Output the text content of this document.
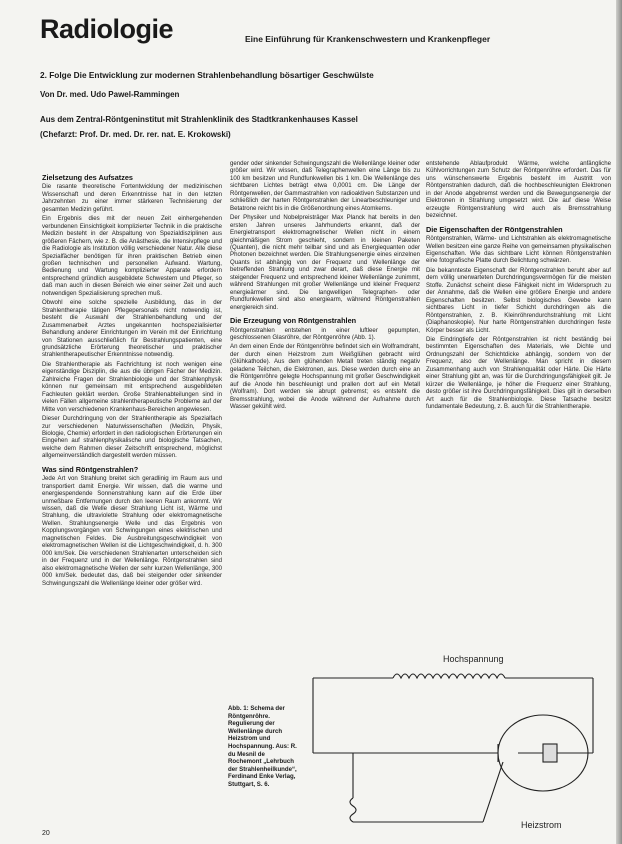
Radiologie	Eine Einführung für Krankenschwestern und Krankenpfleger
2. Folge Die Entwicklung zur modernen Strahlenbehandlung bösartiger Geschwülste
Von Dr. med. Udo Pawel-Rammingen
Aus dem Zentral-Röntgeninstitut mit Strahlenklinik des Stadtkrankenhauses Kassel
(Chefarzt: Prof. Dr. med. Dr. rer. nat. E. Krokowski)
Zielsetzung des Aufsatzes

Die rasante theoretische Fortentwicklung der medizinischen Wissenschaft und deren Erkenntnisse hat in den letzten Jahrzehnten zu einer immer stärkeren Technisierung der gesamten Medizin geführt.

Ein Ergebnis dies mit der neuen Zeit einhergehenden verbundenen Einsichtigkeit komplizierter Technik in die praktische Medizin besteht in der Abspaltung von Spezialdisziplinen aus größeren Fächern, wie z. B. die Anästhesie, die Intensivpflege und die Radiologie als Institution völlig verschiedener Natur. Alle diese Spezialfächer benötigen für ihren praktischen Betrieb einen großen technischen und personellen Aufwand. Wartung, Bedienung und Wartung komplizierter Apparate erfordern entsprechend gründlich ausgebildete Schwestern und Pfleger, so daß man auch in diesen Bereich wie einer seiner Zeit und auch notwendigen Spezialisierung sprechen muß.

Obwohl eine solche spezielle Ausbildung, das in der Strahlentherapie tätigen Pflegepersonals nicht notwendig ist, besteht die Auswahl der Strahlenbehandlung und der Zusammenarbeit Arztes ungekannten hochspezialisierter Behandlung anderer Einrichtungen im Verein mit der Einrichtung von Stationen ausschließlich für Bestrahlungspatienten, eine grundsätzliche Erörterung theoretischer und praktischer strahlentherapeutischer Erkenntnisse notwendig.

Die Strahlentherapie als Fachrichtung ist noch wenigen eine eigenständige Disziplin, die aus die übrigen Fächer der Medizin. Zahlreiche Fragen der Strahlenbiologie und der Strahlenphysik können nur gemeinsam mit entsprechend ausgebildeten Fachleuten geklärt werden. Große Strahlenabteilungen sind in vielen Fällen allgemeine strahlentherapeutische Probleme auf der Mitte von verschiedenen Krankenhaus-Bereichen angewiesen.

Dieser Durchdringung von der Strahlentherapie als Spezialfach zur verschiedenen Naturwissenschaften (Medizin, Physik, Biologie, Chemie) erfordert in den radiologischen Erörterungen ein Eingehen auf strahlenphysikalische und biologische Tatsachen, welche dem Rahmen dieser Zeitschrift entsprechend, möglichst allgemeinverständlich dargestellt werden müssen.

Was sind Röntgenstrahlen?

Jede Art von Strahlung breitet sich geradlinig im Raum aus und transportiert damit Energie. Wir wissen, daß die warme und energiespendende Sonnenstrahlung kann auf die Erde über unmeßbare Entfernungen durch den leeren Raum ankommt. Wir wissen, daß die Welle dieser Strahlung Licht ist, Wärme und Strahlung, die ultraviolette Strahlung oder elektromagnetische Wellen. Strahlungsenergie Welle und das Ergebnis von Kopplungsvorgängen von Schwingungen eines elektrischen und magnetischen Feldes. Die Ausbreitungsgeschwindigkeit von elektromagnetischen Wellen ist die Lichtgeschwindigkeit, d. h. 300 000 km/Sek. Die verschiedenen Strahlenarten unterscheiden sich in der Frequenz und in der Wellenlänge. Röntgenstrahlen sind also elektromagnetische Wellen der sehr kurzen Wellenlänge, 300 000 km/Sek. bedeutet das, daß bei steigender oder sinkender Schwingungszahl die Wellenlänge kleiner oder größer wird.

gender oder sinkender Schwingungszahl die Wellenlänge kleiner oder größer wird. Wir wissen, daß Telegraphenwellen eine Länge bis zu 100 km besitzen und Rundfunkwellen bis 1 km. Die Wellenlänge des sichtbaren Lichtes beträgt etwa 0,0001 cm. Die Länge der Röntgenwellen, der Gammastrahlen von radioaktiven Substanzen und schließlich der harten Röntgenstrahlen der Linearbeschleuniger und Betatrone reicht bis in die Größenordnung eines Atomkerns.

Der Physiker und Nobelpreisträger Max Planck hat bereits in den ersten Jahren unseres Jahrhunderts erkannt, daß der Energietransport elektromagnetischer Wellen nicht in einem gleichmäßigen Strom geschieht, sondern in kleinen Paketen (Quanten), die nicht mehr teilbar sind und als Energiequanten oder Photonen bezeichnet werden. Die Strahlungsenergie eines einzelnen Quants ist abhängig von der Frequenz und Wellenlänge der betreffenden Strahlung und zwar derart, daß diese Energie mit steigender Frequenz und entsprechend kleiner Wellenlänge zunimmt, während Strahlungen mit großer Wellenlänge und kleiner Frequenz energieärmer sind. Die langwelligen Telegraphen- oder Rundfunkwellen sind also energiearm, während Röntgenstrahlen energiereich sind.

Die Erzeugung von Röntgenstrahlen

Röntgenstrahlen entstehen in einer luftleer gepumpten, geschlossenen Glasröhre, der Röntgenröhre (Abb. 1).

An dem einen Ende der Röntgenröhre befindet sich ein Wolframdraht, der durch einen Heizstrom zum Weißglühen gebracht wird (Glühkathode). Aus dem glühenden Metall treten ständig negativ geladene Teilchen, die Elektronen, aus. Diese werden durch eine an die Röntgenröhre gelegte Hochspannung mit großer Geschwindigkeit auf die Anode hin beschleunigt und prallen dort auf ein Metall (Wolfram). Dort werden sie abrupt gebremst; es entsteht die Bremsstrahlung, wobei die Anode während der Aufnahme durch Wasser gekühlt wird.

entstehende Ablaufprodukt Wärme, welche anfängliche Kühlvorrichtungen zum Schutz der Röntgenröhre erfordert. Das für uns wünschenswerte Ergebnis besteht im Austritt von Röntgenstrahlen dadurch, daß die hochbeschleunigten Elektronen in der Anode abgebremst werden und die Bewegungsenergie der Elektronen in Strahlung umgesetzt wird. Die auf diese Weise erzeugte Röntgenstrahlung wird auch als Bremsstrahlung bezeichnet.

Die Eigenschaften der Röntgenstrahlen

Röntgenstrahlen, Wärme- und Lichtstrahlen als elektromagnetische Wellen besitzen eine ganze Reihe von gemeinsamen physikalischen Eigenschaften. Wie das sichtbare Licht können Röntgenstrahlen eine fotografische Platte durch Belichtung schwärzen.

Die bekannteste Eigenschaft der Röntgenstrahlen beruht aber auf dem völlig unerwarteten Durchdringungsvermögen für die meisten Stoffe. Zunächst scheint diese Fähigkeit nicht im Widerspruch zu der Annahme, daß die Wellen eine größere Energie und andere Eigenschaften besitzen. Selbst biologisches Gewebe kann sichtbares Licht in tiefer Schicht durchdringen als die Röntgenstrahlen, z. B. Kleinröhrendurchstrahlung mit Licht (Diaphanoskopie). Nur harte Röntgenstrahlen durchdringen feste Körper besser als Licht.

Die Eindringtiefe der Röntgenstrahlen ist nicht beständig bei bestimmten Eigenschaften des Materials, wie Dichte und Ordnungszahl der Schichtdicke abhängig, sondern von der Frequenz, also der Wellenlänge. Man spricht in diesem Zusammenhang auch von Strahlenqualität oder Härte. Die Härte einer Strahlung gibt an, was für die Durchdringungsfähigkeit gilt. Je kürzer die Wellenlänge, je höher die Frequenz einer Strahlung, desto größer ist ihre Durchdringungsfähigkeit. Dies gilt in derselben Art auch für die Strahlenbiologie. Diese Tatsache besitzt fundamentale Bedeutung, z. B. auch für die Strahlentherapie.

Abb. 1: Schema der Röntgenröhre. Regulierung der Wellenlänge durch Heizstrom und Hochspannung. Aus: R. du Mesnil de Rochemont „Lehrbuch der Strahlenheilkunde“, Ferdinand Enke Verlag, Stuttgart, S. 6.
Hochspannung
Heizstrom
20
